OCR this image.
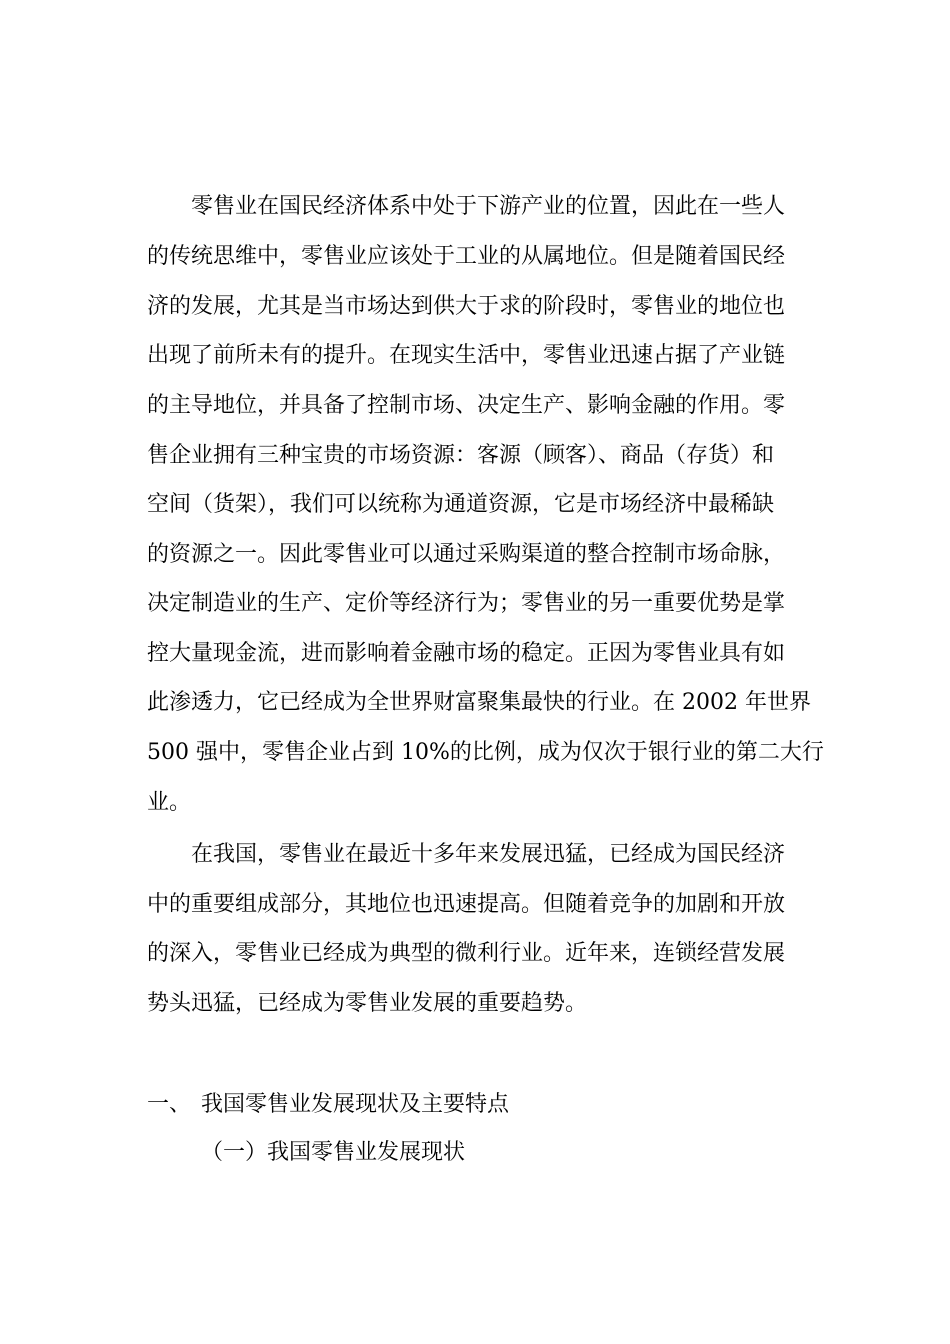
零售业在国民经济体系中处于下游产业的位置，因此在一些人
的传统思维中，零售业应该处于工业的从属地位。但是随着国民经
济的发展，尤其是当市场达到供大于求的阶段时，零售业的地位也
出现了前所未有的提升。在现实生活中，零售业迅速占据了产业链
的主导地位，并具备了控制市场、决定生产、影响金融的作用。零
售企业拥有三种宝贵的市场资源：客源（顾客）、商品（存货）和
空间（货架），我们可以统称为通道资源，它是市场经济中最稀缺
的资源之一。因此零售业可以通过采购渠道的整合控制市场命脉，
决定制造业的生产、定价等经济行为；零售业的另一重要优势是掌
控大量现金流，进而影响着金融市场的稳定。正因为零售业具有如
此渗透力，它已经成为全世界财富聚集最快的行业。在 2002 年世界
500 强中，零售企业占到 10%的比例，成为仅次于银行业的第二大行
业。
在我国，零售业在最近十多年来发展迅猛，已经成为国民经济
中的重要组成部分，其地位也迅速提高。但随着竞争的加剧和开放
的深入，零售业已经成为典型的微利行业。近年来，连锁经营发展
势头迅猛，已经成为零售业发展的重要趋势。
一、 我国零售业发展现状及主要特点
（一）我国零售业发展现状
